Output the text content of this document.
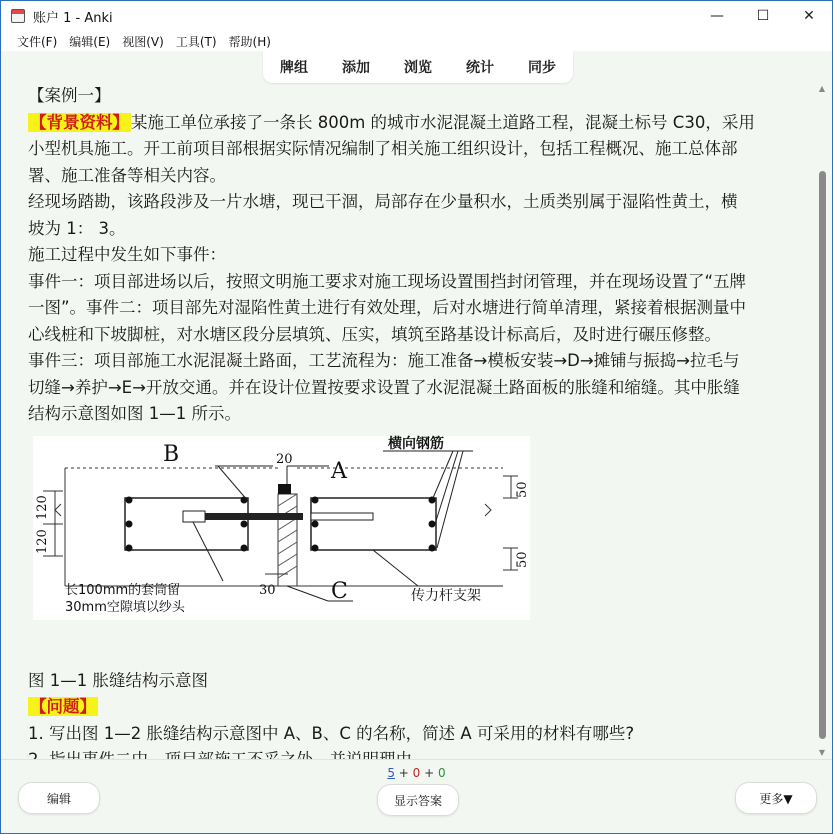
账户 1 - Anki	—	☐	✕
文件(F) 编辑(E) 视图(V) 工具(T) 帮助(H)
牌组 添加 浏览 统计 同步
【案例一】
【背景资料】 某施工单位承接了一条长 800m 的城市水泥混凝土道路工程，混凝土标号 C30，采用
小型机具施工。开工前项目部根据实际情况编制了相关施工组织设计，包括工程概况、施工总体部
署、施工准备等相关内容。
经现场踏勘，该路段涉及一片水塘，现已干涸，局部存在少量积水，土质类别属于湿陷性黄土，横
坡为 1： 3。
施工过程中发生如下事件：
事件一：项目部进场以后，按照文明施工要求对施工现场设置围挡封闭管理，并在现场设置了“五牌
一图”。事件二：项目部先对湿陷性黄土进行有效处理，后对水塘进行简单清理，紧接着根据测量中
心线桩和下坡脚桩，对水塘区段分层填筑、压实，填筑至路基设计标高后，及时进行碾压修整。
事件三：项目部施工水泥混凝土路面，工艺流程为：施工准备→模板安装→D→摊铺与振捣→拉毛与
切缝→养护→E→开放交通。并在设计位置按要求设置了水泥混凝土路面板的胀缝和缩缝。其中胀缝
结构示意图如图 1—1 所示。
B
A
C
20
30
120
120
50
50
横向钢筋
长100mm的套筒留
30mm空隙填以纱头
传力杆支架
图 1—1 胀缝结构示意图
【问题】
1. 写出图 1—2 胀缝结构示意图中 A、B、C 的名称，简述 A 可采用的材料有哪些?
▲
▼
5 + 0 + 0
编辑	显示答案	更多▼
